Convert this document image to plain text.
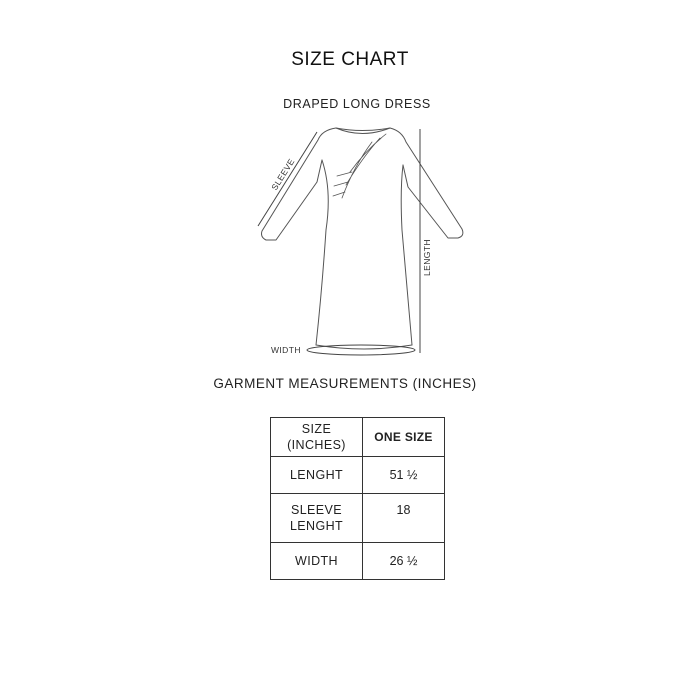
SIZE CHART
DRAPED LONG DRESS
SLEEVE
LENGTH
WIDTH
GARMENT MEASUREMENTS (INCHES)
SIZE
(INCHES)	ONE SIZE
LENGHT	51 ½
SLEEVE
LENGHT	18
WIDTH	26 ½
